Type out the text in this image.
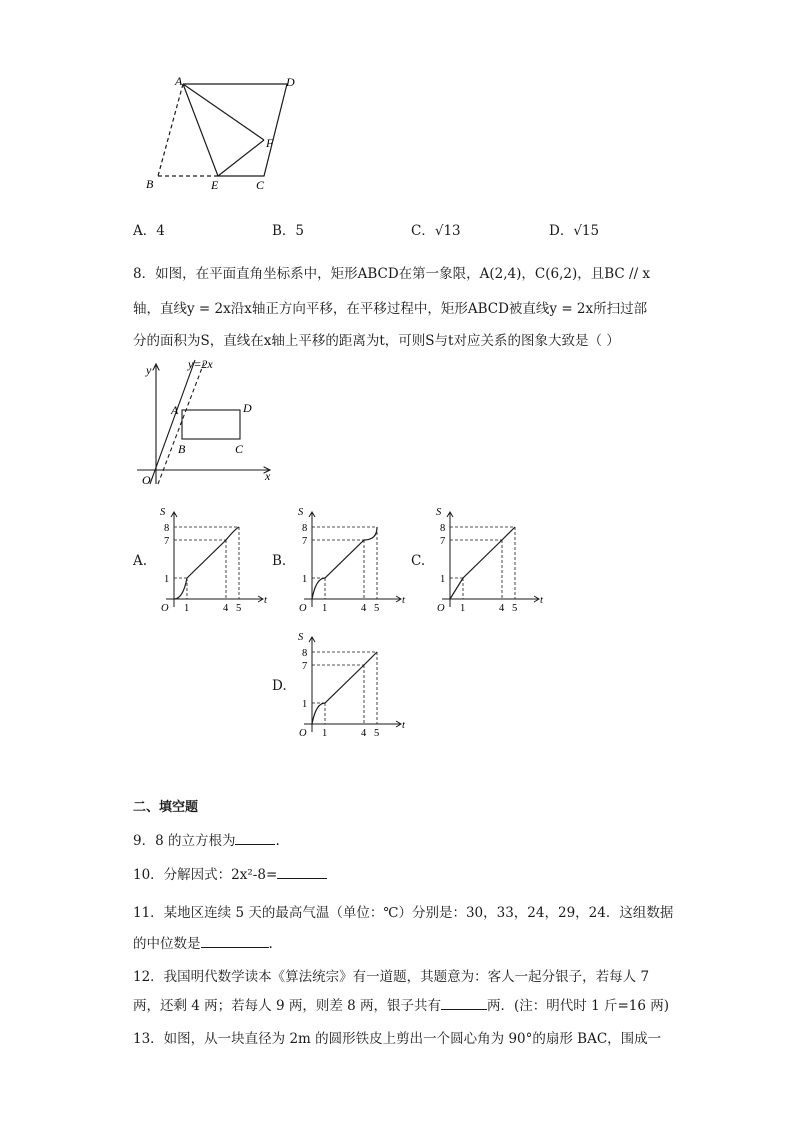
A	D
F
B	E	C
A．4	B．5	C．√13	D．√15
8．如图，在平面直角坐标系中，矩形ABCD在第一象限，A(2,4)，C(6,2)，且BC // x
轴，直线y = 2x沿x轴正方向平移，在平移过程中，矩形ABCD被直线y = 2x所扫过部
分的面积为S，直线在x轴上平移的距离为t，可则S与t对应关系的图象大致是（ ）
y
x
O
y=2x
A	D
B	C
A.	B.	C.
D.
S
t
O
8
7
1
1	4 5
S
t
O
8
7
1
1	4 5
S
t
O
8
7
1
1	4 5
S
t
O
8
7
1
1	4 5
二、填空题
9．8 的立方根为	.
10．分解因式：2x²-8=
11．某地区连续 5 天的最高气温（单位：℃）分别是：30，33，24，29，24．这组数据
的中位数是	.
12．我国明代数学读本《算法统宗》有一道题，其题意为：客人一起分银子，若每人 7
两，还剩 4 两；若每人 9 两，则差 8 两，银子共有	两．(注：明代时 1 斤=16 两)
13．如图，从一块直径为 2m 的圆形铁皮上剪出一个圆心角为 90°的扇形 BAC，围成一
